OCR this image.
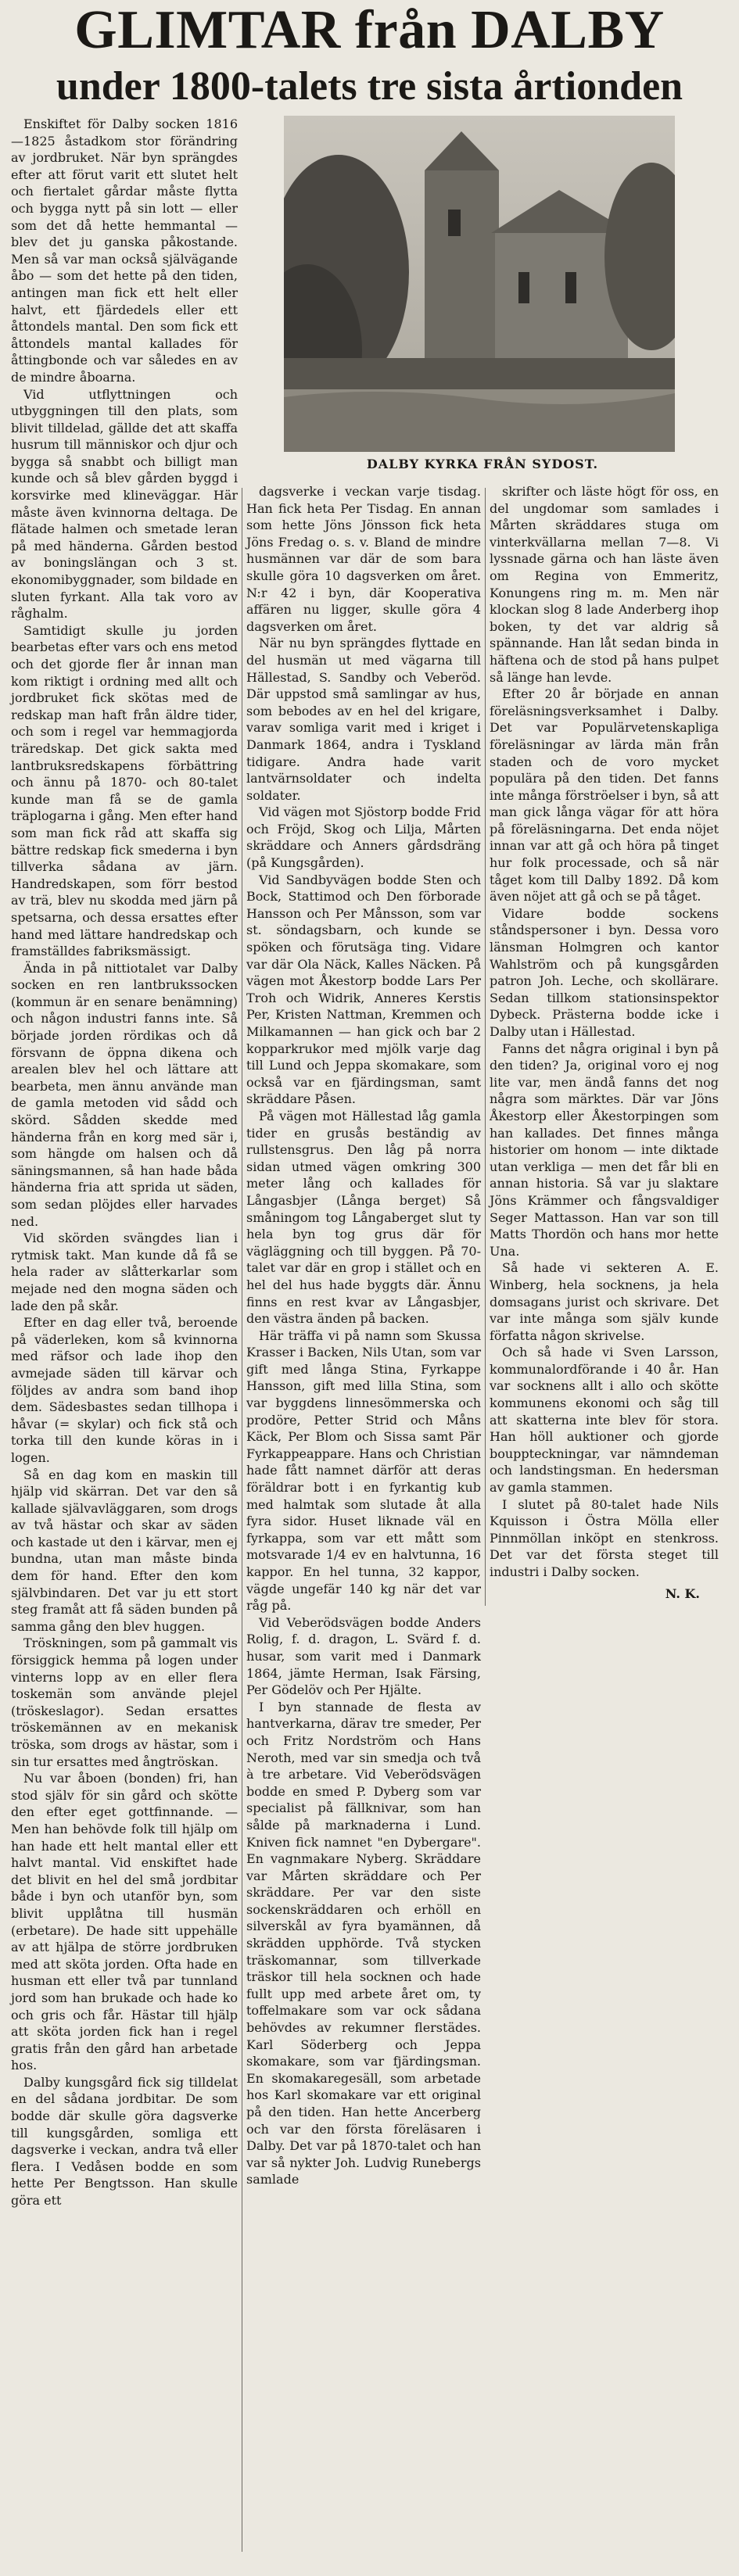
GLIMTAR från DALBY
under 1800-talets tre sista årtionden

Enskiftet för Dalby socken 1816—1825 åstadkom stor förändring av jordbruket. När byn sprängdes efter att förut varit ett slutet helt och fiertalet gårdar måste flytta och bygga nytt på sin lott — eller som det då hette hemmantal — blev det ju ganska påkostande. Men så var man också självägande åbo — som det hette på den tiden, antingen man fick ett helt eller halvt, ett fjärdedels eller ett åttondels mantal. Den som fick ett åttondels mantal kallades för åttingbonde och var således en av de mindre åboarna.

Vid utflyttningen och utbyggningen till den plats, som blivit tilldelad, gällde det att skaffa husrum till människor och djur och bygga så snabbt och billigt man kunde och så blev gården byggd i korsvirke med klineväggar. Här måste även kvinnorna deltaga. De flätade halmen och smetade leran på med händerna. Gården bestod av boningslängan och 3 st. ekonomibyggnader, som bildade en sluten fyrkant. Alla tak voro av råghalm.

Samtidigt skulle ju jorden bearbetas efter vars och ens metod och det gjorde fler år innan man kom riktigt i ordning med allt och jordbruket fick skötas med de redskap man haft från äldre tider, och som i regel var hemmagjorda träredskap. Det gick sakta med lantbruksredskapens förbättring och ännu på 1870- och 80-talet kunde man få se de gamla träplogarna i gång. Men efter hand som man fick råd att skaffa sig bättre redskap fick smederna i byn tillverka sådana av järn. Handredskapen, som förr bestod av trä, blev nu skodda med järn på spetsarna, och dessa ersattes efter hand med lättare handredskap och framställdes fabriksmässigt.

Ända in på nittiotalet var Dalby socken en ren lantbrukssocken (kommun är en senare benämning) och någon industri fanns inte. Så började jorden rördikas och då försvann de öppna dikena och arealen blev hel och lättare att bearbeta, men ännu använde man de gamla metoden vid sådd och skörd. Sådden skedde med händerna från en korg med sär i, som hängde om halsen och då säningsmannen, så han hade båda händerna fria att sprida ut säden, som sedan plöjdes eller harvades ned.

Vid skörden svängdes lian i rytmisk takt. Man kunde då få se hela rader av slåtterkarlar som mejade ned den mogna säden och lade den på skår.

Efter en dag eller två, beroende på väderleken, kom så kvinnorna med räfsor och lade ihop den avmejade säden till kärvar och följdes av andra som band ihop dem. Sädesbastes sedan tillhopa i håvar (= skylar) och fick stå och torka till den kunde köras in i logen.

Så en dag kom en maskin till hjälp vid skärran. Det var den så kallade självavläggaren, som drogs av två hästar och skar av säden och kastade ut den i kärvar, men ej bundna, utan man måste binda dem för hand. Efter den kom självbindaren. Det var ju ett stort steg framåt att få säden bunden på samma gång den blev huggen.

Tröskningen, som på gammalt vis försiggick hemma på logen under vinterns lopp av en eller flera toskemän som använde plejel (tröskeslagor). Sedan ersattes tröskemännen av en mekanisk tröska, som drogs av hästar, som i sin tur ersattes med ångtröskan.

Nu var åboen (bonden) fri, han stod själv för sin gård och skötte den efter eget gottfinnande. — Men han behövde folk till hjälp om han hade ett helt mantal eller ett halvt mantal. Vid enskiftet hade det blivit en hel del små jordbitar både i byn och utanför byn, som blivit upplåtna till husmän (erbetare). De hade sitt uppehälle av att hjälpa de större jordbruken med att sköta jorden. Ofta hade en husman ett eller två par tunnland jord som han brukade och hade ko och gris och får. Hästar till hjälp att sköta jorden fick han i regel gratis från den gård han arbetade hos.

Dalby kungsgård fick sig tilldelat en del sådana jordbitar. De som bodde där skulle göra dagsverke till kungsgården, somliga ett dagsverke i veckan, andra två eller flera. I Vedåsen bodde en som hette Per Bengtsson. Han skulle göra ett

DALBY KYRKA FRÅN SYDOST.

dagsverke i veckan varje tisdag. Han fick heta Per Tisdag. En annan som hette Jöns Jönsson fick heta Jöns Fredag o. s. v. Bland de mindre husmännen var där de som bara skulle göra 10 dagsverken om året. N:r 42 i byn, där Kooperativa affären nu ligger, skulle göra 4 dagsverken om året.

När nu byn sprängdes flyttade en del husmän ut med vägarna till Hällestad, S. Sandby och Veberöd. Där uppstod små samlingar av hus, som bebodes av en hel del krigare, varav somliga varit med i kriget i Danmark 1864, andra i Tyskland tidigare. Andra hade varit lantvärnsoldater och indelta soldater.

Vid vägen mot Sjöstorp bodde Frid och Fröjd, Skog och Lilja, Mårten skräddare och Anners gårdsdräng (på Kungsgården).

Vid Sandbyvägen bodde Sten och Bock, Stattimod och Den förborade Hansson och Per Månsson, som var st. söndagsbarn, och kunde se spöken och förutsäga ting. Vidare var där Ola Näck, Kalles Näcken. På vägen mot Åkestorp bodde Lars Per Troh och Widrik, Anneres Kerstis Per, Kristen Nattman, Kremmen och Milkamannen — han gick och bar 2 kopparkrukor med mjölk varje dag till Lund och Jeppa skomakare, som också var en fjärdingsman, samt skräddare Påsen.

På vägen mot Hällestad låg gamla tider en grusås beständig av rullstensgrus. Den låg på norra sidan utmed vägen omkring 300 meter lång och kallades för Långasbjer (Långa berget) Så småningom tog Långaberget slut ty hela byn tog grus där för vägläggning och till byggen. På 70-talet var där en grop i stället och en hel del hus hade byggts där. Ännu finns en rest kvar av Långasbjer, den västra änden på backen.

Här träffa vi på namn som Skussa Krasser i Backen, Nils Utan, som var gift med långa Stina, Fyrkappe Hansson, gift med lilla Stina, som var byggdens linnesömmerska och prodöre, Petter Strid och Måns Käck, Per Blom och Sissa samt Pär Fyrkappeappare. Hans och Christian hade fått namnet därför att deras föräldrar bott i en fyrkantig kub med halmtak som slutade åt alla fyra sidor. Huset liknade väl en fyrkappa, som var ett mått som motsvarade 1/4 ev en halvtunna, 16 kappor. En hel tunna, 32 kappor, vägde ungefär 140 kg när det var råg på.

Vid Veberödsvägen bodde Anders Rolig, f. d. dragon, L. Svärd f. d. husar, som varit med i Danmark 1864, jämte Herman, Isak Färsing, Per Gödelöv och Per Hjälte.

I byn stannade de flesta av hantverkarna, därav tre smeder, Per och Fritz Nordström och Hans Neroth, med var sin smedja och två à tre arbetare. Vid Veberödsvägen bodde en smed P. Dyberg som var specialist på fällknivar, som han sålde på marknaderna i Lund. Kniven fick namnet "en Dybergare". En vagnmakare Nyberg. Skräddare var Mårten skräddare och Per skräddare. Per var den siste sockenskräddaren och erhöll en silverskål av fyra byamännen, då skrädden upphörde. Två stycken träskomannar, som tillverkade träskor till hela socknen och hade fullt upp med arbete året om, ty toffelmakare som var ock sådana behövdes av rekumner flerstädes. Karl Söderberg och Jeppa skomakare, som var fjärdingsman. En skomakaregesäll, som arbetade hos Karl skomakare var ett original på den tiden. Han hette Ancerberg och var den första föreläsaren i Dalby. Det var på 1870-talet och han var så nykter Joh. Ludvig Runebergs samlade

skrifter och läste högt för oss, en del ungdomar som samlades i Mårten skräddares stuga om vinterkvällarna mellan 7—8. Vi lyssnade gärna och han läste även om Regina von Emmeritz, Konungens ring m. m. Men när klockan slog 8 lade Anderberg ihop boken, ty det var aldrig så spännande. Han låt sedan binda in häftena och de stod på hans pulpet så länge han levde.

Efter 20 år började en annan föreläsningsverksamhet i Dalby. Det var Populärvetenskapliga föreläsningar av lärda män från staden och de voro mycket populära på den tiden. Det fanns inte många förströelser i byn, så att man gick långa vägar för att höra på föreläsningarna. Det enda nöjet innan var att gå och höra på tinget hur folk processade, och så när tåget kom till Dalby 1892. Då kom även nöjet att gå och se på tåget.

Vidare bodde sockens ståndspersoner i byn. Dessa voro länsman Holmgren och kantor Wahlström och på kungsgården patron Joh. Leche, och skollärare. Sedan tillkom stationsinspektor Dybeck. Prästerna bodde icke i Dalby utan i Hällestad.

Fanns det några original i byn på den tiden? Ja, original voro ej nog lite var, men ändå fanns det nog några som märktes. Där var Jöns Åkestorp eller Åkestorpingen som han kallades. Det finnes många historier om honom — inte diktade utan verkliga — men det får bli en annan historia. Så var ju slaktare Jöns Krämmer och fångsvaldiger Seger Mattasson. Han var son till Matts Thordön och hans mor hette Una.

Så hade vi sekteren A. E. Winberg, hela socknens, ja hela domsagans jurist och skrivare. Det var inte många som själv kunde författa någon skrivelse.

Och så hade vi Sven Larsson, kommunalordförande i 40 år. Han var socknens allt i allo och skötte kommunens ekonomi och såg till att skatterna inte blev för stora. Han höll auktioner och gjorde bouppteckningar, var nämndeman och landstingsman. En hedersman av gamla stammen.

I slutet på 80-talet hade Nils Kquisson i Östra Mölla eller Pinnmöllan inköpt en stenkross. Det var det första steget till industri i Dalby socken.

N. K.
